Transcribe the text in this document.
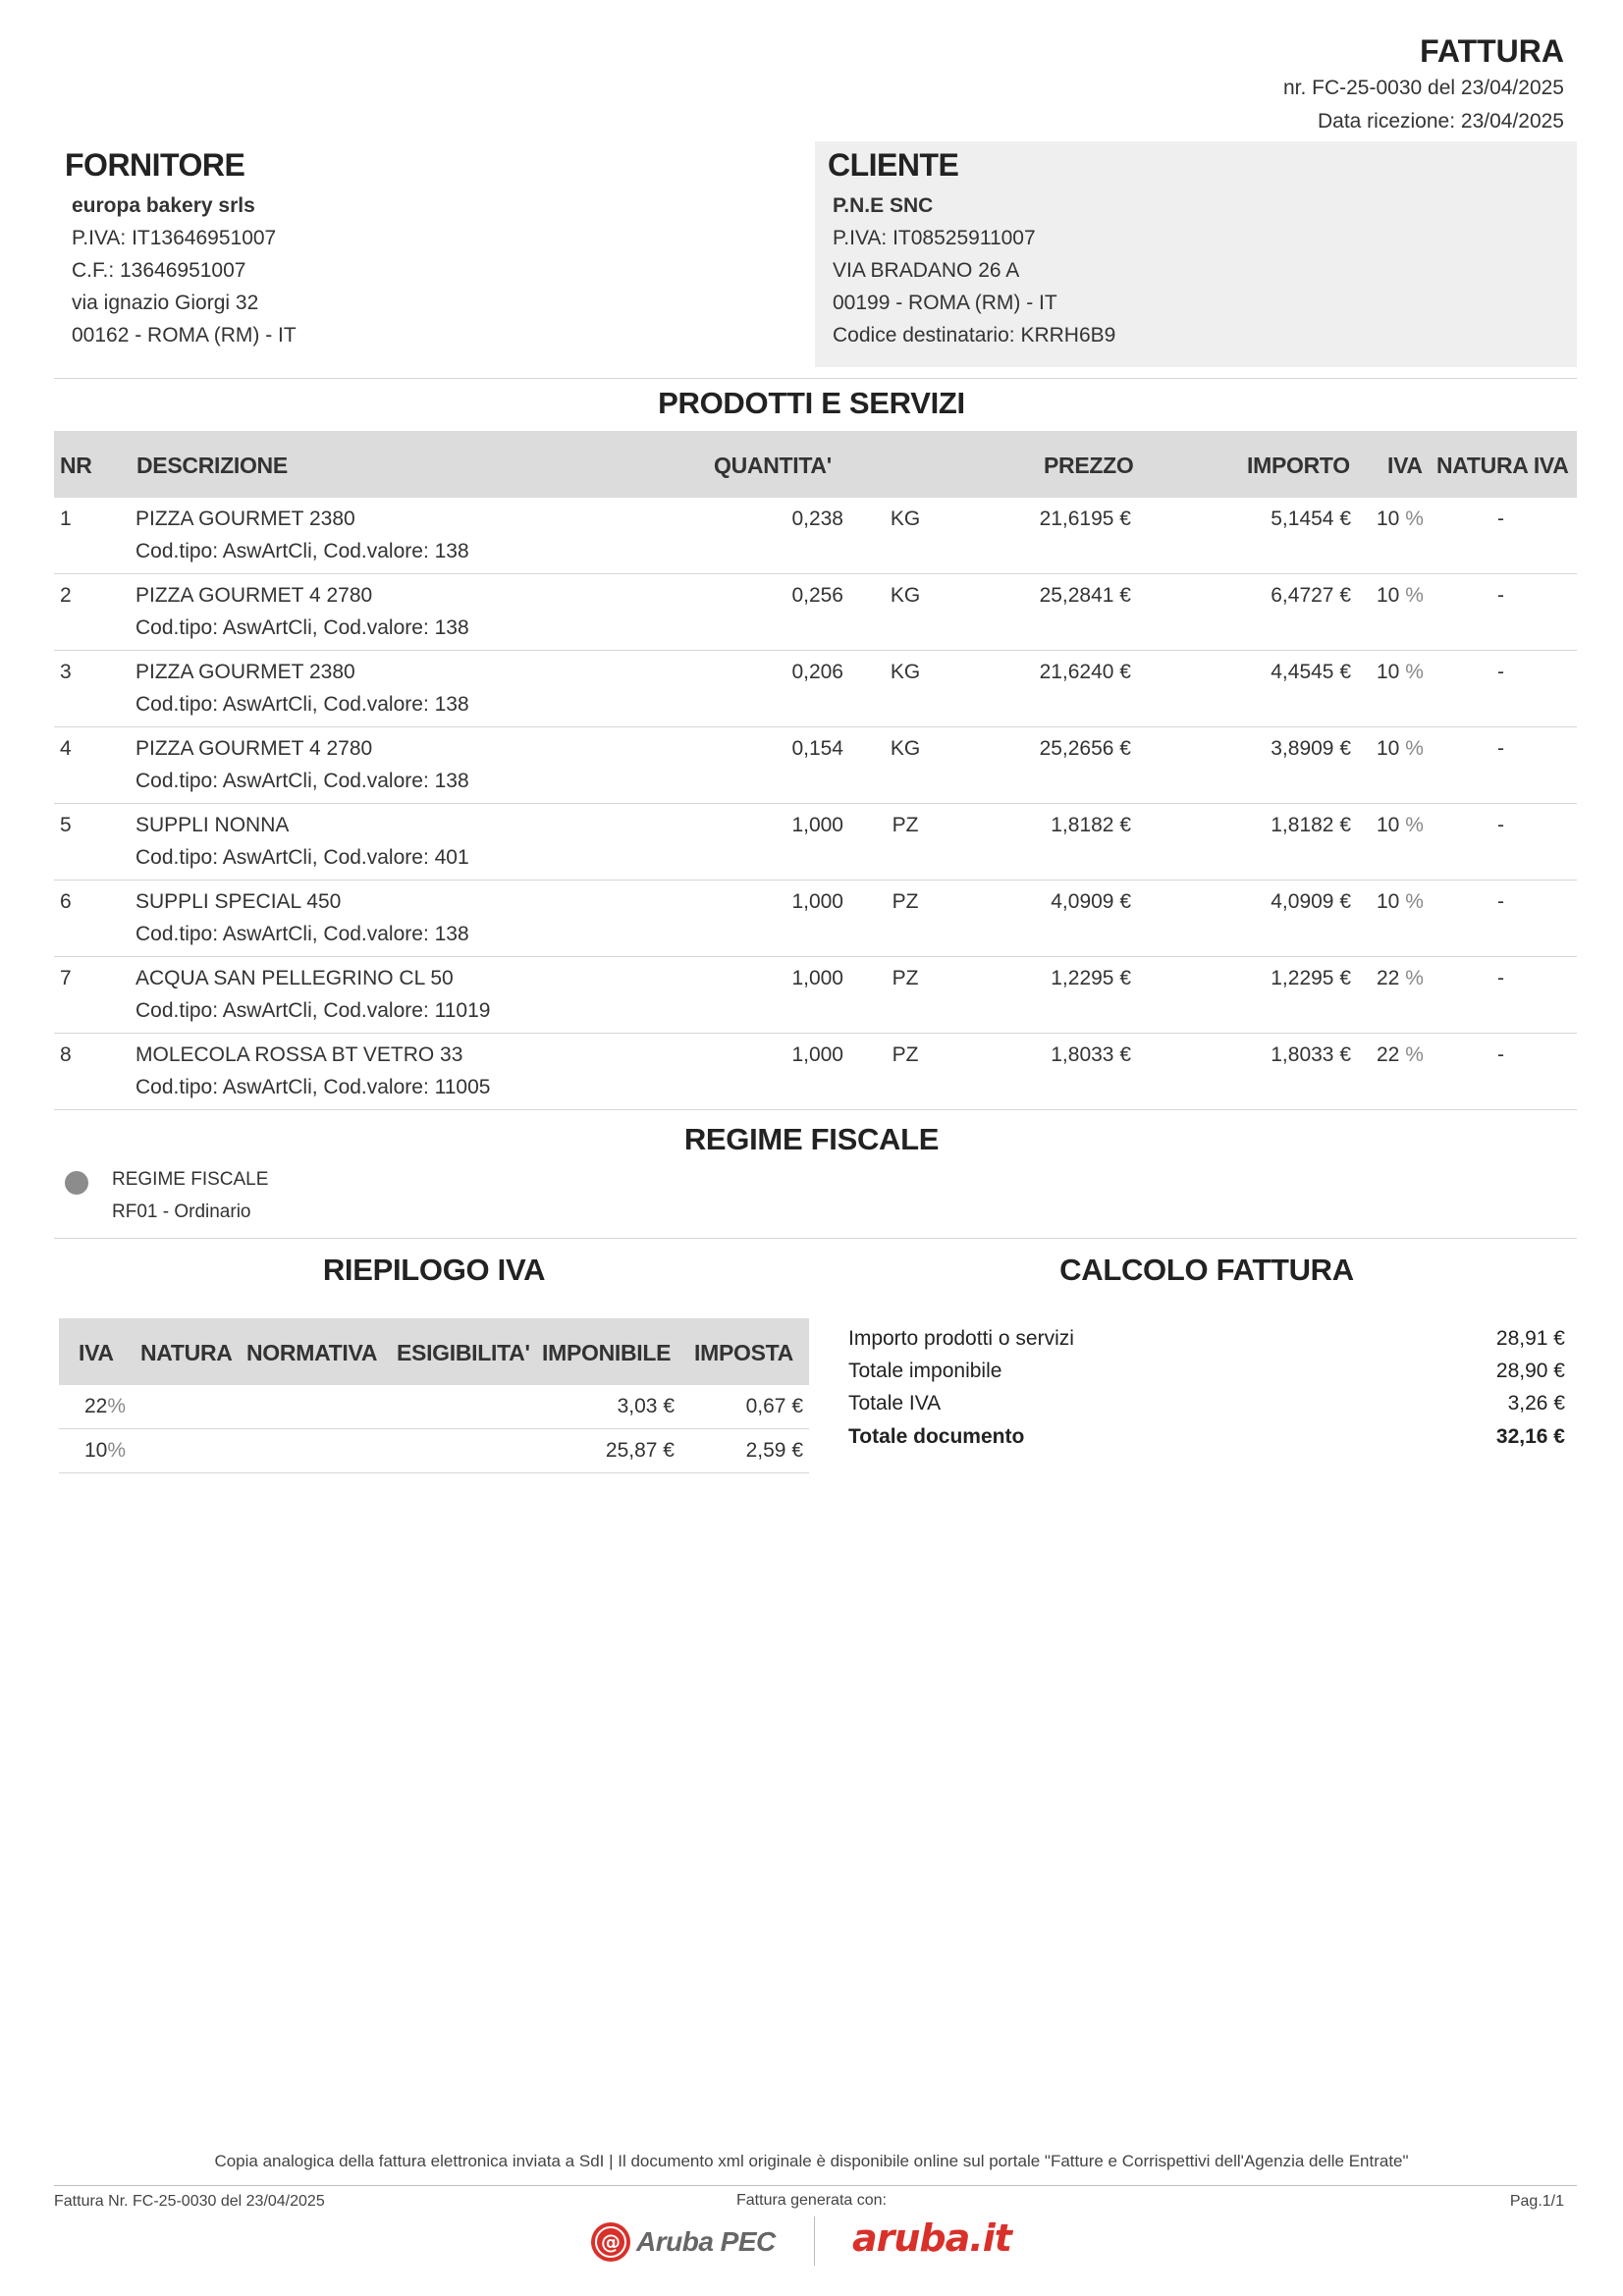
FATTURA
nr. FC-25-0030 del 23/04/2025
Data ricezione: 23/04/2025
FORNITORE
europa bakery srls
P.IVA: IT13646951007
C.F.: 13646951007
via ignazio Giorgi 32
00162 - ROMA (RM) - IT
CLIENTE
P.N.E SNC
P.IVA: IT08525911007
VIA BRADANO 26 A
00199 - ROMA (RM) - IT
Codice destinatario: KRRH6B9
PRODOTTI E SERVIZI
NR DESCRIZIONE	QUANTITA'	PREZZO	IMPORTO IVA NATURA IVA
1	PIZZA GOURMET 2380
Cod.tipo: AswArtCli, Cod.valore: 138
0,238	KG	21,6195 €	5,1454 € 10 %	-
2	PIZZA GOURMET 4 2780
Cod.tipo: AswArtCli, Cod.valore: 138
0,256	KG	25,2841 €	6,4727 € 10 %	-
3	PIZZA GOURMET 2380
Cod.tipo: AswArtCli, Cod.valore: 138
0,206	KG	21,6240 €	4,4545 € 10 %	-
4	PIZZA GOURMET 4 2780
Cod.tipo: AswArtCli, Cod.valore: 138
0,154	KG	25,2656 €	3,8909 € 10 %	-
5	SUPPLI NONNA
Cod.tipo: AswArtCli, Cod.valore: 401
1,000	PZ	1,8182 €	1,8182 € 10 %	-
6	SUPPLI SPECIAL 450
Cod.tipo: AswArtCli, Cod.valore: 138
1,000	PZ	4,0909 €	4,0909 € 10 %	-
7	ACQUA SAN PELLEGRINO CL 50
Cod.tipo: AswArtCli, Cod.valore: 11019
1,000	PZ	1,2295 €	1,2295 € 22 %	-
8	MOLECOLA ROSSA BT VETRO 33
Cod.tipo: AswArtCli, Cod.valore: 11005
1,000	PZ	1,8033 €	1,8033 € 22 %	-
REGIME FISCALE
REGIME FISCALE
RF01 - Ordinario
RIEPILOGO IVA
IVA NATURA NORMATIVA ESIGIBILITA' IMPONIBILE IMPOSTA
22%	3,03 €	0,67 €
10%	25,87 €	2,59 €
CALCOLO FATTURA
Importo prodotti o servizi	28,91 €
Totale imponibile	28,90 €
Totale IVA	3,26 €
Totale documento	32,16 €
Copia analogica della fattura elettronica inviata a SdI | Il documento xml originale è disponibile online sul portale "Fatture e Corrispettivi dell'Agenzia delle Entrate"
Fattura Nr. FC-25-0030 del 23/04/2025	Fattura generata con:	Pag.1/1
@ Aruba PEC aruba.it
